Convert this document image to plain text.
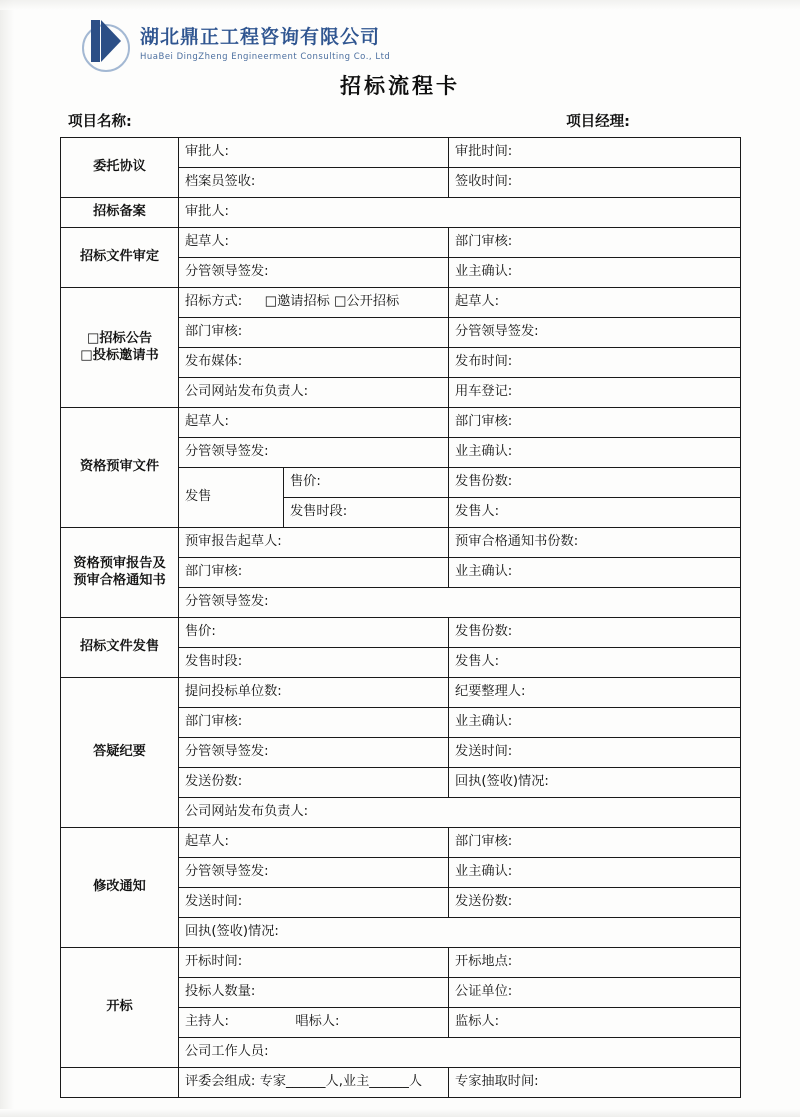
湖北鼎正工程咨询有限公司
HuaBei DingZheng Engineerment Consulting Co., Ltd
招标流程卡
项目名称:	项目经理:
委托协议	审批人:		审批时间:
	档案员签收:		签收时间:

招标备案	审批人:		

招标文件审定	起草人:		部门审核:
	分管领导签发:		业主确认:

□招标公告
□投标邀请书	招标方式: □邀请招标 □公开招标		起草人:
	部门审核:		分管领导签发:
	发布媒体:		发布时间:
	公司网站发布负责人:		用车登记:

资格预审文件	起草人:		部门审核:
	分管领导签发:		业主确认:
	发售	售价:	发售份数:
		发售时段:	发售人:

资格预审报告及
预审合格通知书	预审报告起草人:		预审合格通知书份数:
	部门审核:		业主确认:
	分管领导签发:		

招标文件发售	售价:		发售份数:
	发售时段:		发售人:

答疑纪要	提问投标单位数:		纪要整理人:
	部门审核:		业主确认:
	分管领导签发:		发送时间:
	发送份数:		回执(签收)情况:
	公司网站发布负责人:		

修改通知	起草人:		部门审核:
	分管领导签发:		业主确认:
	发送时间:		发送份数:
	回执(签收)情况:		

开标	开标时间:		开标地点:
	投标人数量:		公证单位:
	主持人: 唱标人:		监标人:
	公司工作人员:		

	评委会组成: 专家______人,业主______人		专家抽取时间:
